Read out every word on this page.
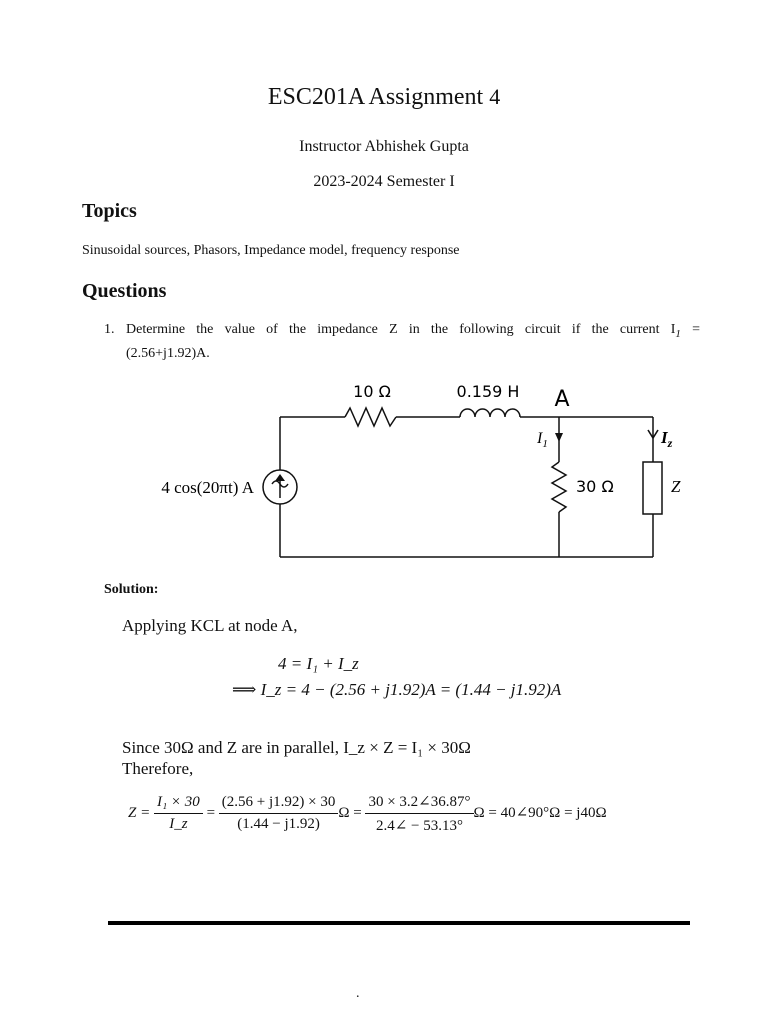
ESC201A Assignment 4
Instructor Abhishek Gupta
2023-2024 Semester I
Topics
Sinusoidal sources, Phasors, Impedance model, frequency response
Questions
1. Determine the value of the impedance Z in the following circuit if the current $I_1$ =
(2.56+j1.92)A.
10 Ω	0.159 H A
$I_1$	$I_z$
30 Ω	Z
4 cos(20πt) A
Solution:
Applying KCL at node A,
4 = I₁ + I_z
⟹ I_z = 4 − (2.56 + j1.92)A = (1.44 − j1.92)A
Since 30Ω and Z are in parallel, I_z × Z = I₁ × 30Ω
Therefore,
$Z = \frac{\text{I₁ × 30}}{I\_z} = \frac{(2.56 + j1.92) \times 30}{(1.44 - j1.92)}$ $\Omega = \frac{30 \times 3.2\angle 36.87^\circ}{2.4\angle - 53.13^\circ}$ Ω = 40∠90°Ω = j40Ω
.
